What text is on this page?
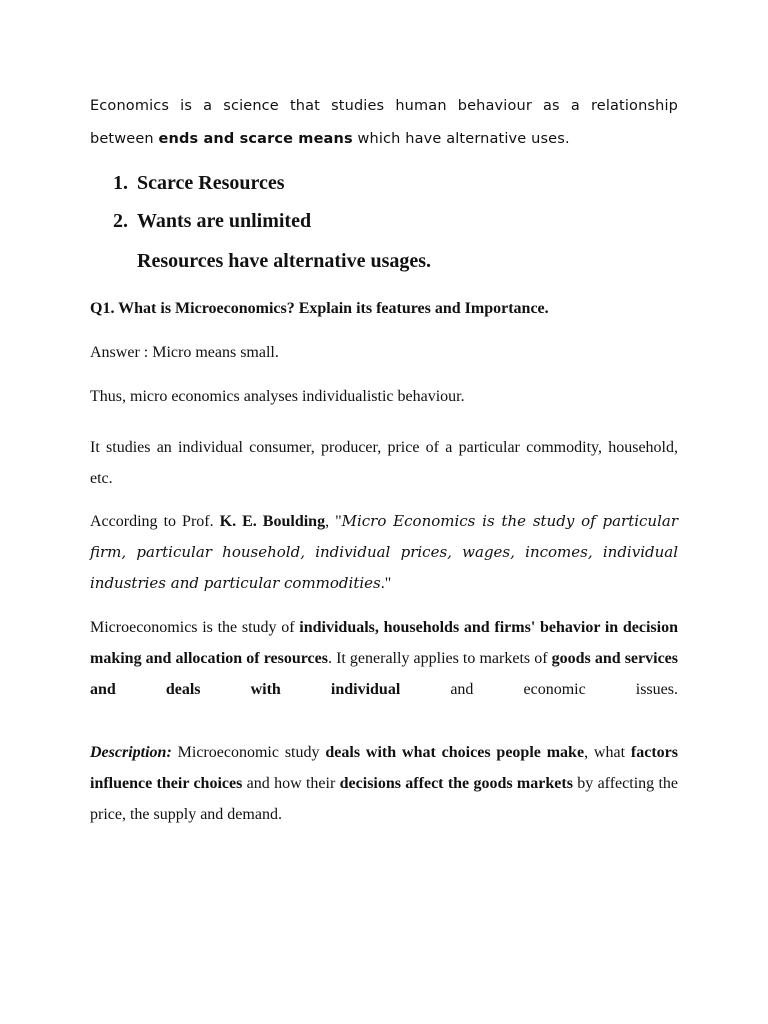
Economics is a science that studies human behaviour as a relationship between ends and scarce means which have alternative uses.

1. Scarce Resources

2. Wants are unlimited

Resources have alternative usages.

Q1. What is Microeconomics? Explain its features and Importance.

Answer : Micro means small.

Thus, micro economics analyses individualistic behaviour.

It studies an individual consumer, producer, price of a particular commodity, household, etc.

According to Prof. K. E. Boulding, "Micro Economics is the study of particular firm, particular household, individual prices, wages, incomes, individual industries and particular commodities."

Microeconomics is the study of individuals, households and firms' behavior in decision making and allocation of resources. It generally applies to markets of goods and services and deals with individual and economic issues.

Description: Microeconomic study deals with what choices people make, what factors influence their choices and how their decisions affect the goods markets by affecting the price, the supply and demand.
